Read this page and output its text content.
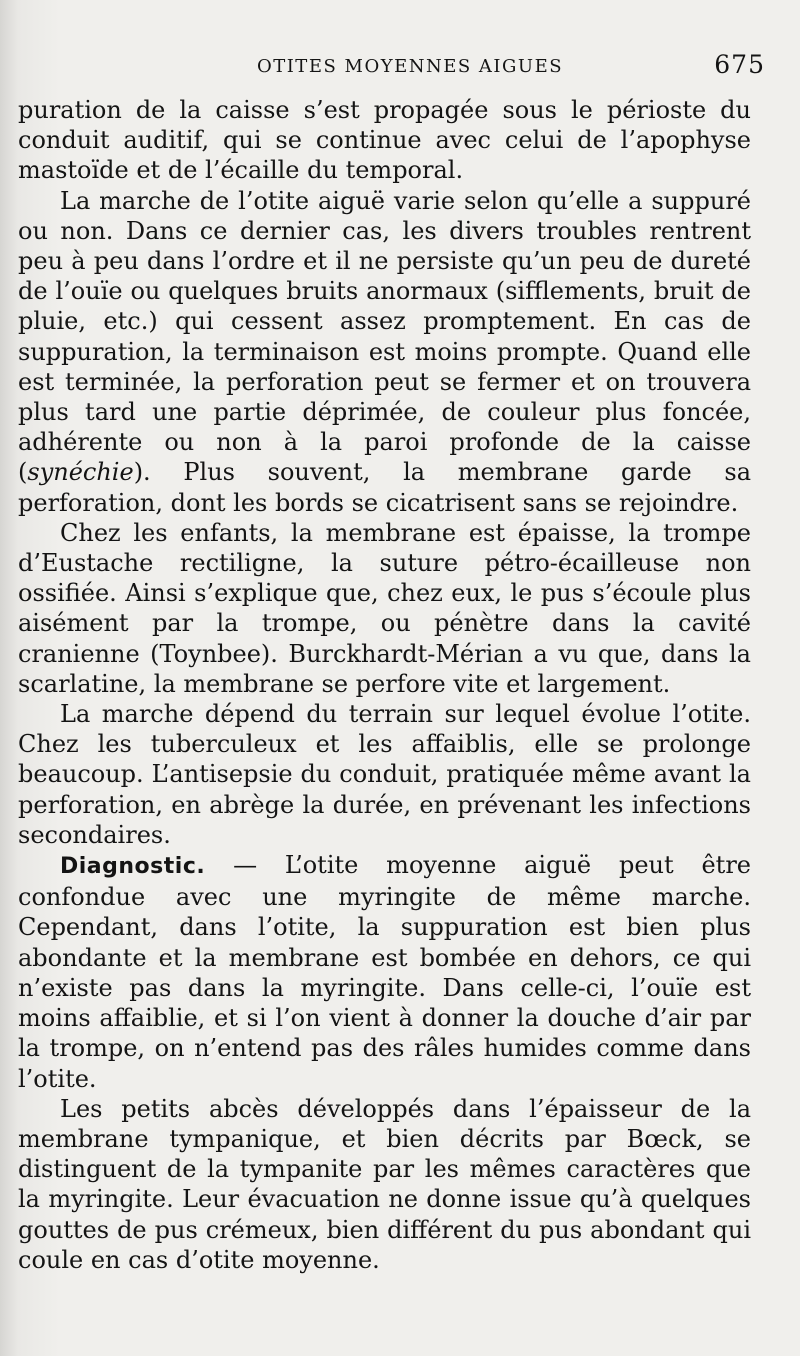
OTITES MOYENNES AIGUES	675

puration de la caisse s’est propagée sous le périoste du conduit auditif, qui se continue avec celui de l’apophyse mastoïde et de l’écaille du temporal.

La marche de l’otite aiguë varie selon qu’elle a suppuré ou non. Dans ce dernier cas, les divers troubles rentrent peu à peu dans l’ordre et il ne persiste qu’un peu de dureté de l’ouïe ou quelques bruits anormaux (sifflements, bruit de pluie, etc.) qui cessent assez promptement. En cas de suppuration, la terminaison est moins prompte. Quand elle est terminée, la perforation peut se fermer et on trouvera plus tard une partie déprimée, de couleur plus foncée, adhérente ou non à la paroi profonde de la caisse (synéchie). Plus souvent, la membrane garde sa perforation, dont les bords se cicatrisent sans se rejoindre.

Chez les enfants, la membrane est épaisse, la trompe d’Eustache rectiligne, la suture pétro-écailleuse non ossifiée. Ainsi s’explique que, chez eux, le pus s’écoule plus aisément par la trompe, ou pénètre dans la cavité cranienne (Toynbee). Burckhardt-Mérian a vu que, dans la scarlatine, la membrane se perfore vite et largement.

La marche dépend du terrain sur lequel évolue l’otite. Chez les tuberculeux et les affaiblis, elle se prolonge beaucoup. L’antisepsie du conduit, pratiquée même avant la perforation, en abrège la durée, en prévenant les infections secondaires.

Diagnostic. — L’otite moyenne aiguë peut être confondue avec une myringite de même marche. Cependant, dans l’otite, la suppuration est bien plus abondante et la membrane est bombée en dehors, ce qui n’existe pas dans la myringite. Dans celle-ci, l’ouïe est moins affaiblie, et si l’on vient à donner la douche d’air par la trompe, on n’entend pas des râles humides comme dans l’otite.

Les petits abcès développés dans l’épaisseur de la membrane tympanique, et bien décrits par Bœck, se distinguent de la tympanite par les mêmes caractères que la myringite. Leur évacuation ne donne issue qu’à quelques gouttes de pus crémeux, bien différent du pus abondant qui coule en cas d’otite moyenne.
